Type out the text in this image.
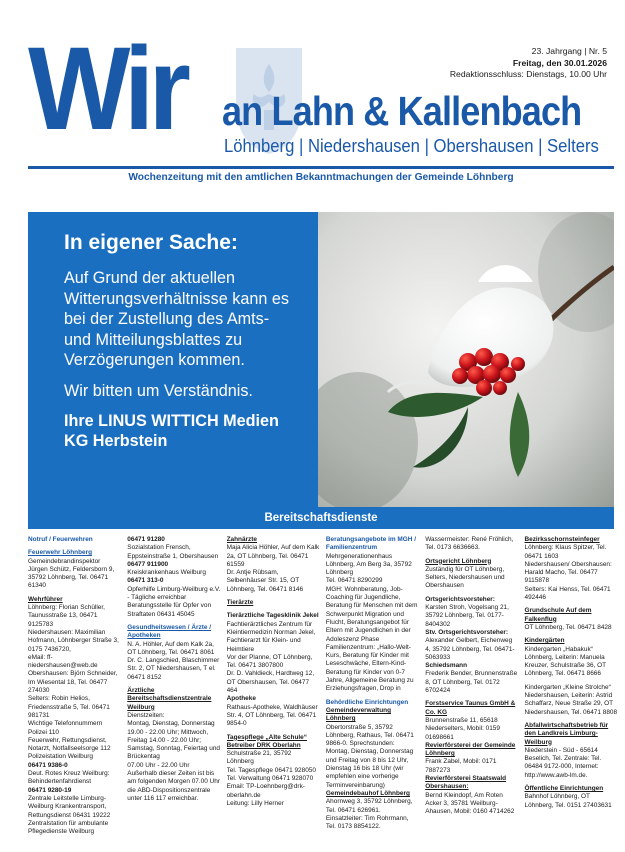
Wir an Lahn & Kallenbach
Löhnberg | Niedershausen | Obershausen | Selters
23. Jahrgang | Nr. 5
Freitag, den 30.01.2026
Redaktionsschluss: Dienstags, 10.00 Uhr
Wochenzeitung mit den amtlichen Bekanntmachungen der Gemeinde Löhnberg
In eigener Sache:

Auf Grund der aktuellen Witterungsverhältnisse kann es bei der Zustellung des Amts- und Mitteilungsblattes zu Verzögerungen kommen.

Wir bitten um Verständnis.

Ihre LINUS WITTICH Medien KG Herbstein

Bereitschaftsdienste
Notruf / Feuerwehren
Feuerwehr Löhnberg
Gemeindebrandinspektor Jürgen Schütz, Feldersborn 9, 35792 Löhnberg, Tel. 06471 61340
Wehrführer
Löhnberg: Florian Schüller, Taunusstraße 13, 06471 9125783
Niedershausen: Maximilian Hofmann, Löhnberger Straße 3, 0175 7436720,
eMail: ff-niedershausen@web.de
Obershausen: Björn Schneider, Im Wiesental 18, Tel. 06477 274030
Selters: Robin Helios, Friedensstraße 5, Tel. 06471 981731
Wichtige Telefonnummern
Polizei 110
Feuerwehr, Rettungsdienst, Notarzt, Notfallseelsorge 112
Polizeistation Weilburg
06471 9386-0
Deut. Rotes Kreuz Weilburg: Behindertenfahrdienst
06471 9280-19
Zentrale Leitstelle Limburg-Weilburg Krankentransport, Rettungsdienst 06431 19222
Zentralstation für ambulante Pflegedienste Weilburg
06471 91280
Sozialstation Frensch, Eppsteinstraße 1, Obershausen
06477 911900
Kreiskrankenhaus Weilburg
06471 313-0
Opferhilfe Limburg-Weilburg e.V. - Tägliche erreichbar Beratungsstelle für Opfer von Straftaten 06431 45045
Gesundheitswesen / Ärzte / Apotheken
N. A. Höhler, Auf dem Kalk 2a, OT Löhnberg, Tel. 06471 8061
Dr. C. Langschied, Blaschimmer Str. 2, OT Niedershausen, T el. 06471 8152
Ärztliche Bereitschaftsdienstzentrale Weilburg
Dienstzeiten:
Montag, Dienstag, Donnerstag 19.00 - 22.00 Uhr; Mittwoch, Freitag 14.00 - 22.00 Uhr; Samstag, Sonntag, Feiertag und Brückentag
07.00 Uhr - 22.00 Uhr
Außerhalb dieser Zeiten ist bis am folgenden Morgen 07.00 Uhr die ABD-Dispositionszentrale unter 116 117 erreichbar.
Zahnärzte
Maja Alicia Höhler, Auf dem Kalk 2a, OT Löhnberg, Tel. 06471 61559
Dr. Antje Rübsam, Selbenhäuser Str. 15, OT Löhnberg, Tel. 06471 8146
Tierärzte
Tierärztliche Tagesklinik Jekel
Fachtierärztliches Zentrum für Kleintiermedizin Norman Jekel, Fachtierarzt für Klein- und Heimtiere
Vor der Planne, OT Löhnberg, Tel. 06471 3807800
Dr. D. Vahldieck, Hardtweg 12, OT Obershausen, Tel. 06477 464
Apotheke
Rathaus-Apotheke, Waldhäuser Str. 4, OT Löhnberg, Tel. 06471 9854-0
Tagespflege „Alte Schule“ Betreiber DRK Oberlahn
Schulstraße 21, 35792 Löhnberg
Tel. Tagespflege 06471 928050
Tel. Verwaltung 06471 928070
Email: TP-Loehnberg@drk-oberlahn.de
Leitung: Lilly Herner
Beratungsangebote im MGH / Familienzentrum
Mehrgenerationenhaus Löhnberg, Am Berg 3a, 35792 Löhnberg
Tel. 06471 8290299
MGH: Wohnberatung, Job-Coaching für Jugendliche, Beratung für Menschen mit dem Schwerpunkt Migration und Flucht, Beratungsangebot für Eltern mit Jugendlichen in der Adoleszenz Phase
Familienzentrum: „Hallo-Welt-Kurs, Beratung für Kinder mit Leseschwäche, Eltern-Kind-Beratung für Kinder von 0-7 Jahre, Allgemeine Beratung zu Erziehungsfragen, Drop in
Behördliche Einrichtungen
Gemeindeverwaltung Löhnberg
Obertorstraße 5, 35792 Löhnberg, Rathaus, Tel. 06471 9866-0. Sprechstunden: Montag, Dienstag, Donnerstag und Freitag von 8 bis 12 Uhr, Dienstag 16 bis 18 Uhr (wir empfehlen eine vorherige Terminvereinbarung)
Gemeindebauhof Löhnberg
Ahornweg 3, 35792 Löhnberg, Tel. 06471 626961.
Einsatzleiter: Tim Rohrmann, Tel. 0173 8854122.
Wassermeister: René Fröhlich, Tel. 0173 6636663.
Ortsgericht Löhnberg
Zuständig für OT Löhnberg, Selters, Niedershausen und Obershausen
Ortsgerichtsvorsteher:
Karsten Stroh, Vogelsang 21, 35792 Löhnberg, Tel. 0177-8404302
Stv. Ortsgerichtsvorsteher:
Alexander Gelbert, Eichenweg 4, 35792 Löhnberg, Tel. 06471-5063933
Schiedsmann
Frederik Bender, Brunnenstraße 8, OT Löhnberg, Tel. 0172 6702424
Forstservice Taunus GmbH & Co. KG
Brunnenstraße 11, 65618 Niederselters, Mobil: 0159 01698661
Revierförsterei der Gemeinde Löhnberg
Frank Zabel, Mobil: 0171 7887273
Revierförsterei Staatswald Obershausen:
Bernd Kleindopf, Am Roten Acker 3, 35781 Weilburg-Ahausen, Mobil: 0160 4714262
Bezirksschornsteinfeger
Löhnberg: Klaus Spitzer, Tel. 06471 1603
Niedershausen/ Obershausen: Harald Macho, Tel. 06477 9115878
Selters: Kai Henss, Tel. 06471 492446
Grundschule Auf dem Falkenflug
OT Löhnberg, Tel. 06471 8428
Kindergärten
Kindergarten „Habakuk“ Löhnberg, Leiterin: Manuela Kreuzer, Schulstraße 36, OT Löhnberg, Tel. 06471 8666
Kindergarten „Kleine Strolche“ Niedershausen, Leiterin: Astrid Schaffarz, Neue Straße 29, OT Niedershausen, Tel. 06471 8808
Abfallwirtschaftsbetrieb für den Landkreis Limburg-Weilburg
Niederstein - Süd - 65614 Beselich, Tel. Zentrale: Tel. 06484 9172-000, Internet: http://www.awb-lm.de.
Öffentliche Einrichtungen
Bahnhof Löhnberg, OT Löhnberg, Tel. 0151 27403631
